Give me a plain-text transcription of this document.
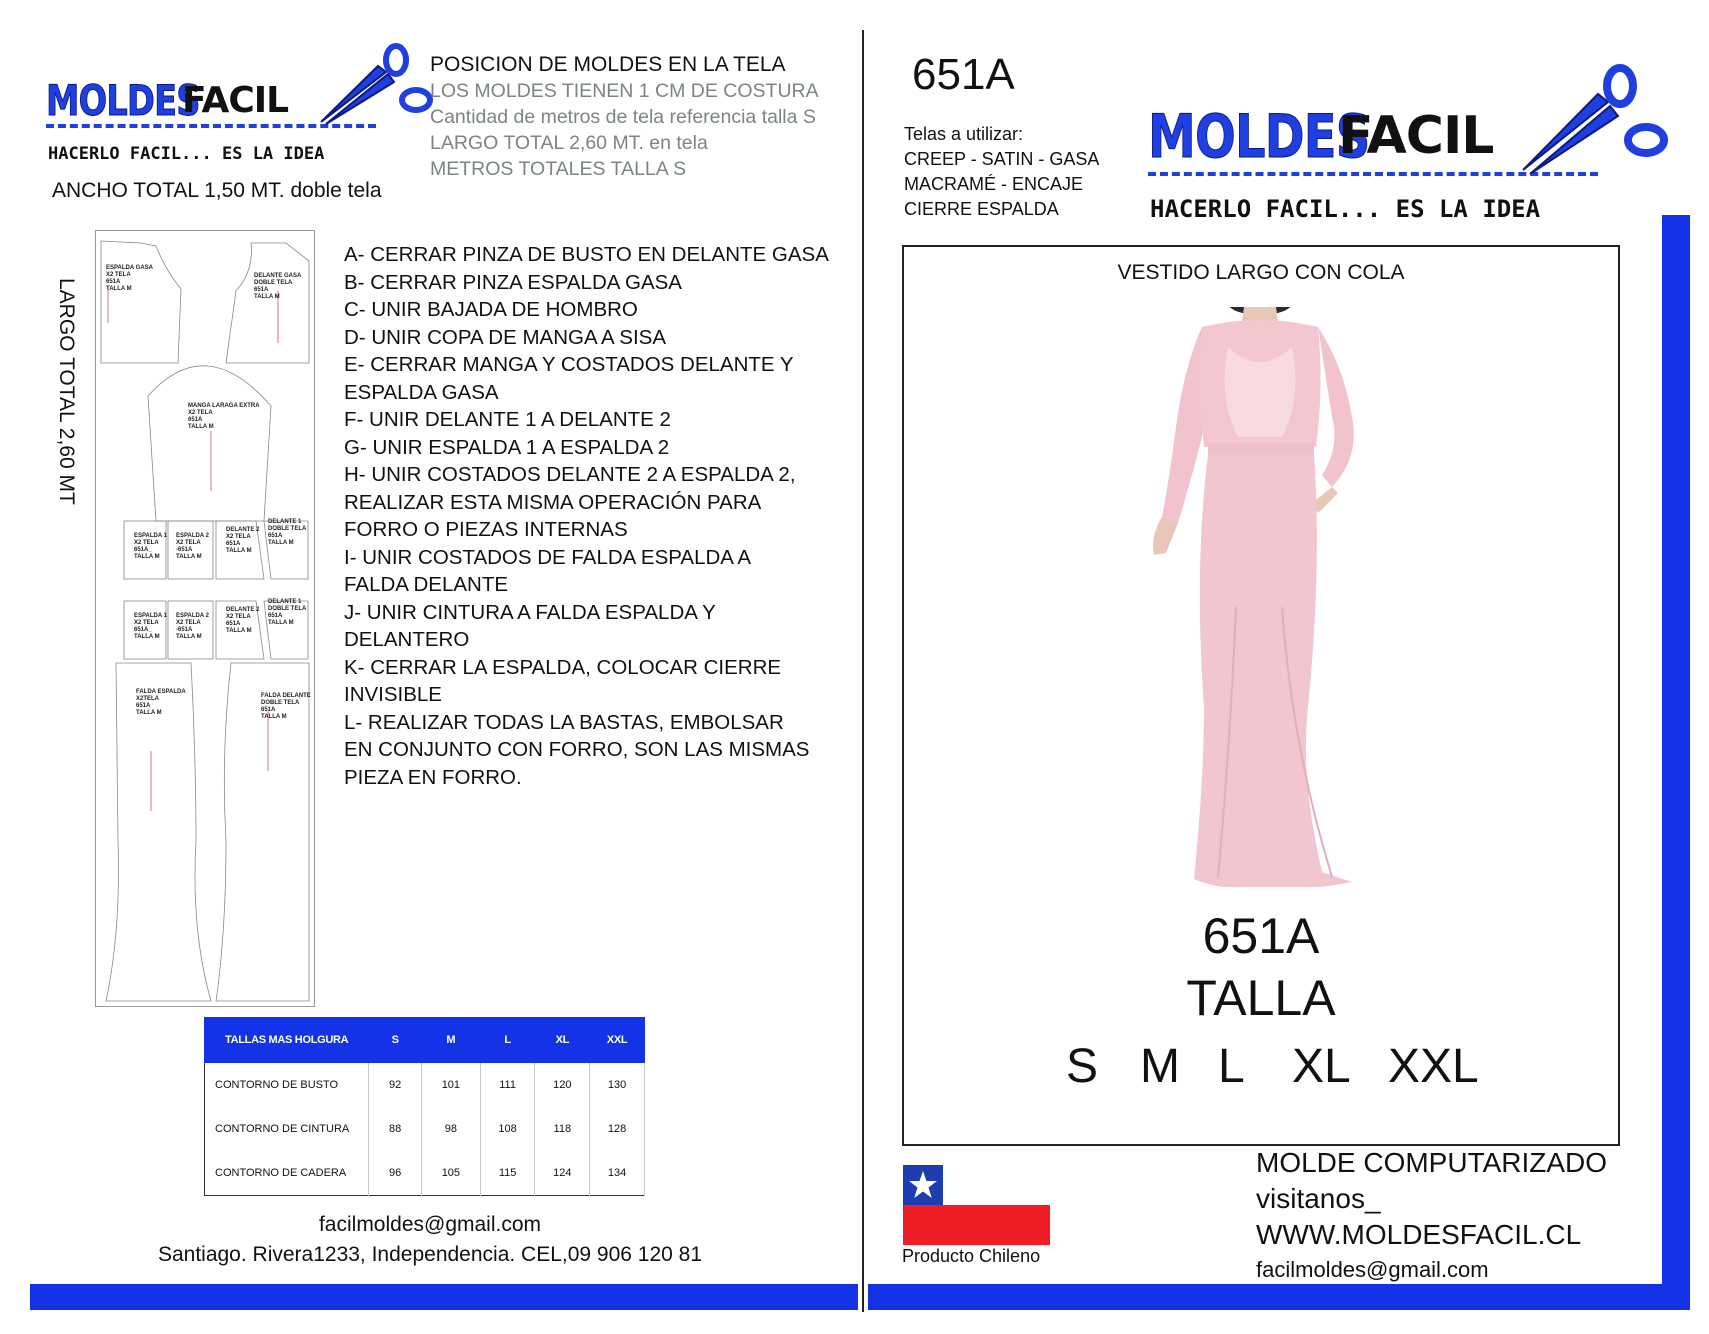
MOLDES
FACIL
HACERLO FACIL... ES LA IDEA
ANCHO TOTAL 1,50 MT. doble tela
POSICION DE MOLDES EN LA TELA
LOS MOLDES TIENEN 1 CM DE COSTURA
Cantidad de metros de tela referencia talla S
LARGO TOTAL 2,60 MT. en tela
METROS TOTALES TALLA S
LARGO TOTAL 2,60 MT
ESPALDA GASA
X2 TELA
651A
TALLA M
DELANTE GASA
DOBLE TELA
651A
TALLA M
MANGA LARAGA EXTRA
X2 TELA
651A
TALLA M
ESPALDA 1
X2 TELA
651A_
TALLA M
ESPALDA 2
X2 TELA
-651A
TALLA M
DELANTE 2
X2 TELA
651A
TALLA M
DELANTE 1
DOBLE TELA
651A
TALLA M
ESPALDA 1
X2 TELA
651A_
TALLA M
ESPALDA 2
X2 TELA
-651A
TALLA M
DELANTE 2
X2 TELA
651A
TALLA M
DELANTE 1
DOBLE TELA
651A
TALLA M
FALDA ESPALDA
X2TELA
651A
TALLA M
FALDA DELANTE
DOBLE TELA
651A
TALLA M
A- CERRAR PINZA DE BUSTO EN DELANTE GASA
B- CERRAR PINZA ESPALDA GASA
C- UNIR BAJADA DE HOMBRO
D- UNIR COPA DE MANGA A SISA
E- CERRAR MANGA Y COSTADOS DELANTE Y
ESPALDA GASA
F- UNIR DELANTE 1 A DELANTE 2
G- UNIR ESPALDA 1 A ESPALDA 2
H- UNIR COSTADOS DELANTE 2 A ESPALDA 2,
REALIZAR ESTA MISMA OPERACIÓN PARA
FORRO O PIEZAS INTERNAS
I- UNIR COSTADOS DE FALDA ESPALDA A
FALDA DELANTE
J- UNIR CINTURA A FALDA ESPALDA Y DELANTERO
K- CERRAR LA ESPALDA, COLOCAR CIERRE INVISIBLE
L- REALIZAR TODAS LA BASTAS, EMBOLSAR
EN CONJUNTO CON FORRO, SON LAS MISMAS
PIEZA EN FORRO.
TALLAS MAS HOLGURA	S	M	L	XL	XXL
CONTORNO DE BUSTO	92	101	111	120	130
CONTORNO DE CINTURA	88	98	108	118	128
CONTORNO DE CADERA	96	105	115	124	134
facilmoldes@gmail.com
Santiago. Rivera1233, Independencia. CEL,09 906 120 81
651A
Telas a utilizar:
CREEP - SATIN - GASA
MACRAMÉ - ENCAJE
CIERRE ESPALDA
MOLDES
FACIL
HACERLO FACIL... ES LA IDEA
VESTIDO LARGO CON COLA
651A
TALLA
S M L XL XXL
Producto Chileno
MOLDE COMPUTARIZADO
visitanos_
WWW.MOLDESFACIL.CL
facilmoldes@gmail.com
